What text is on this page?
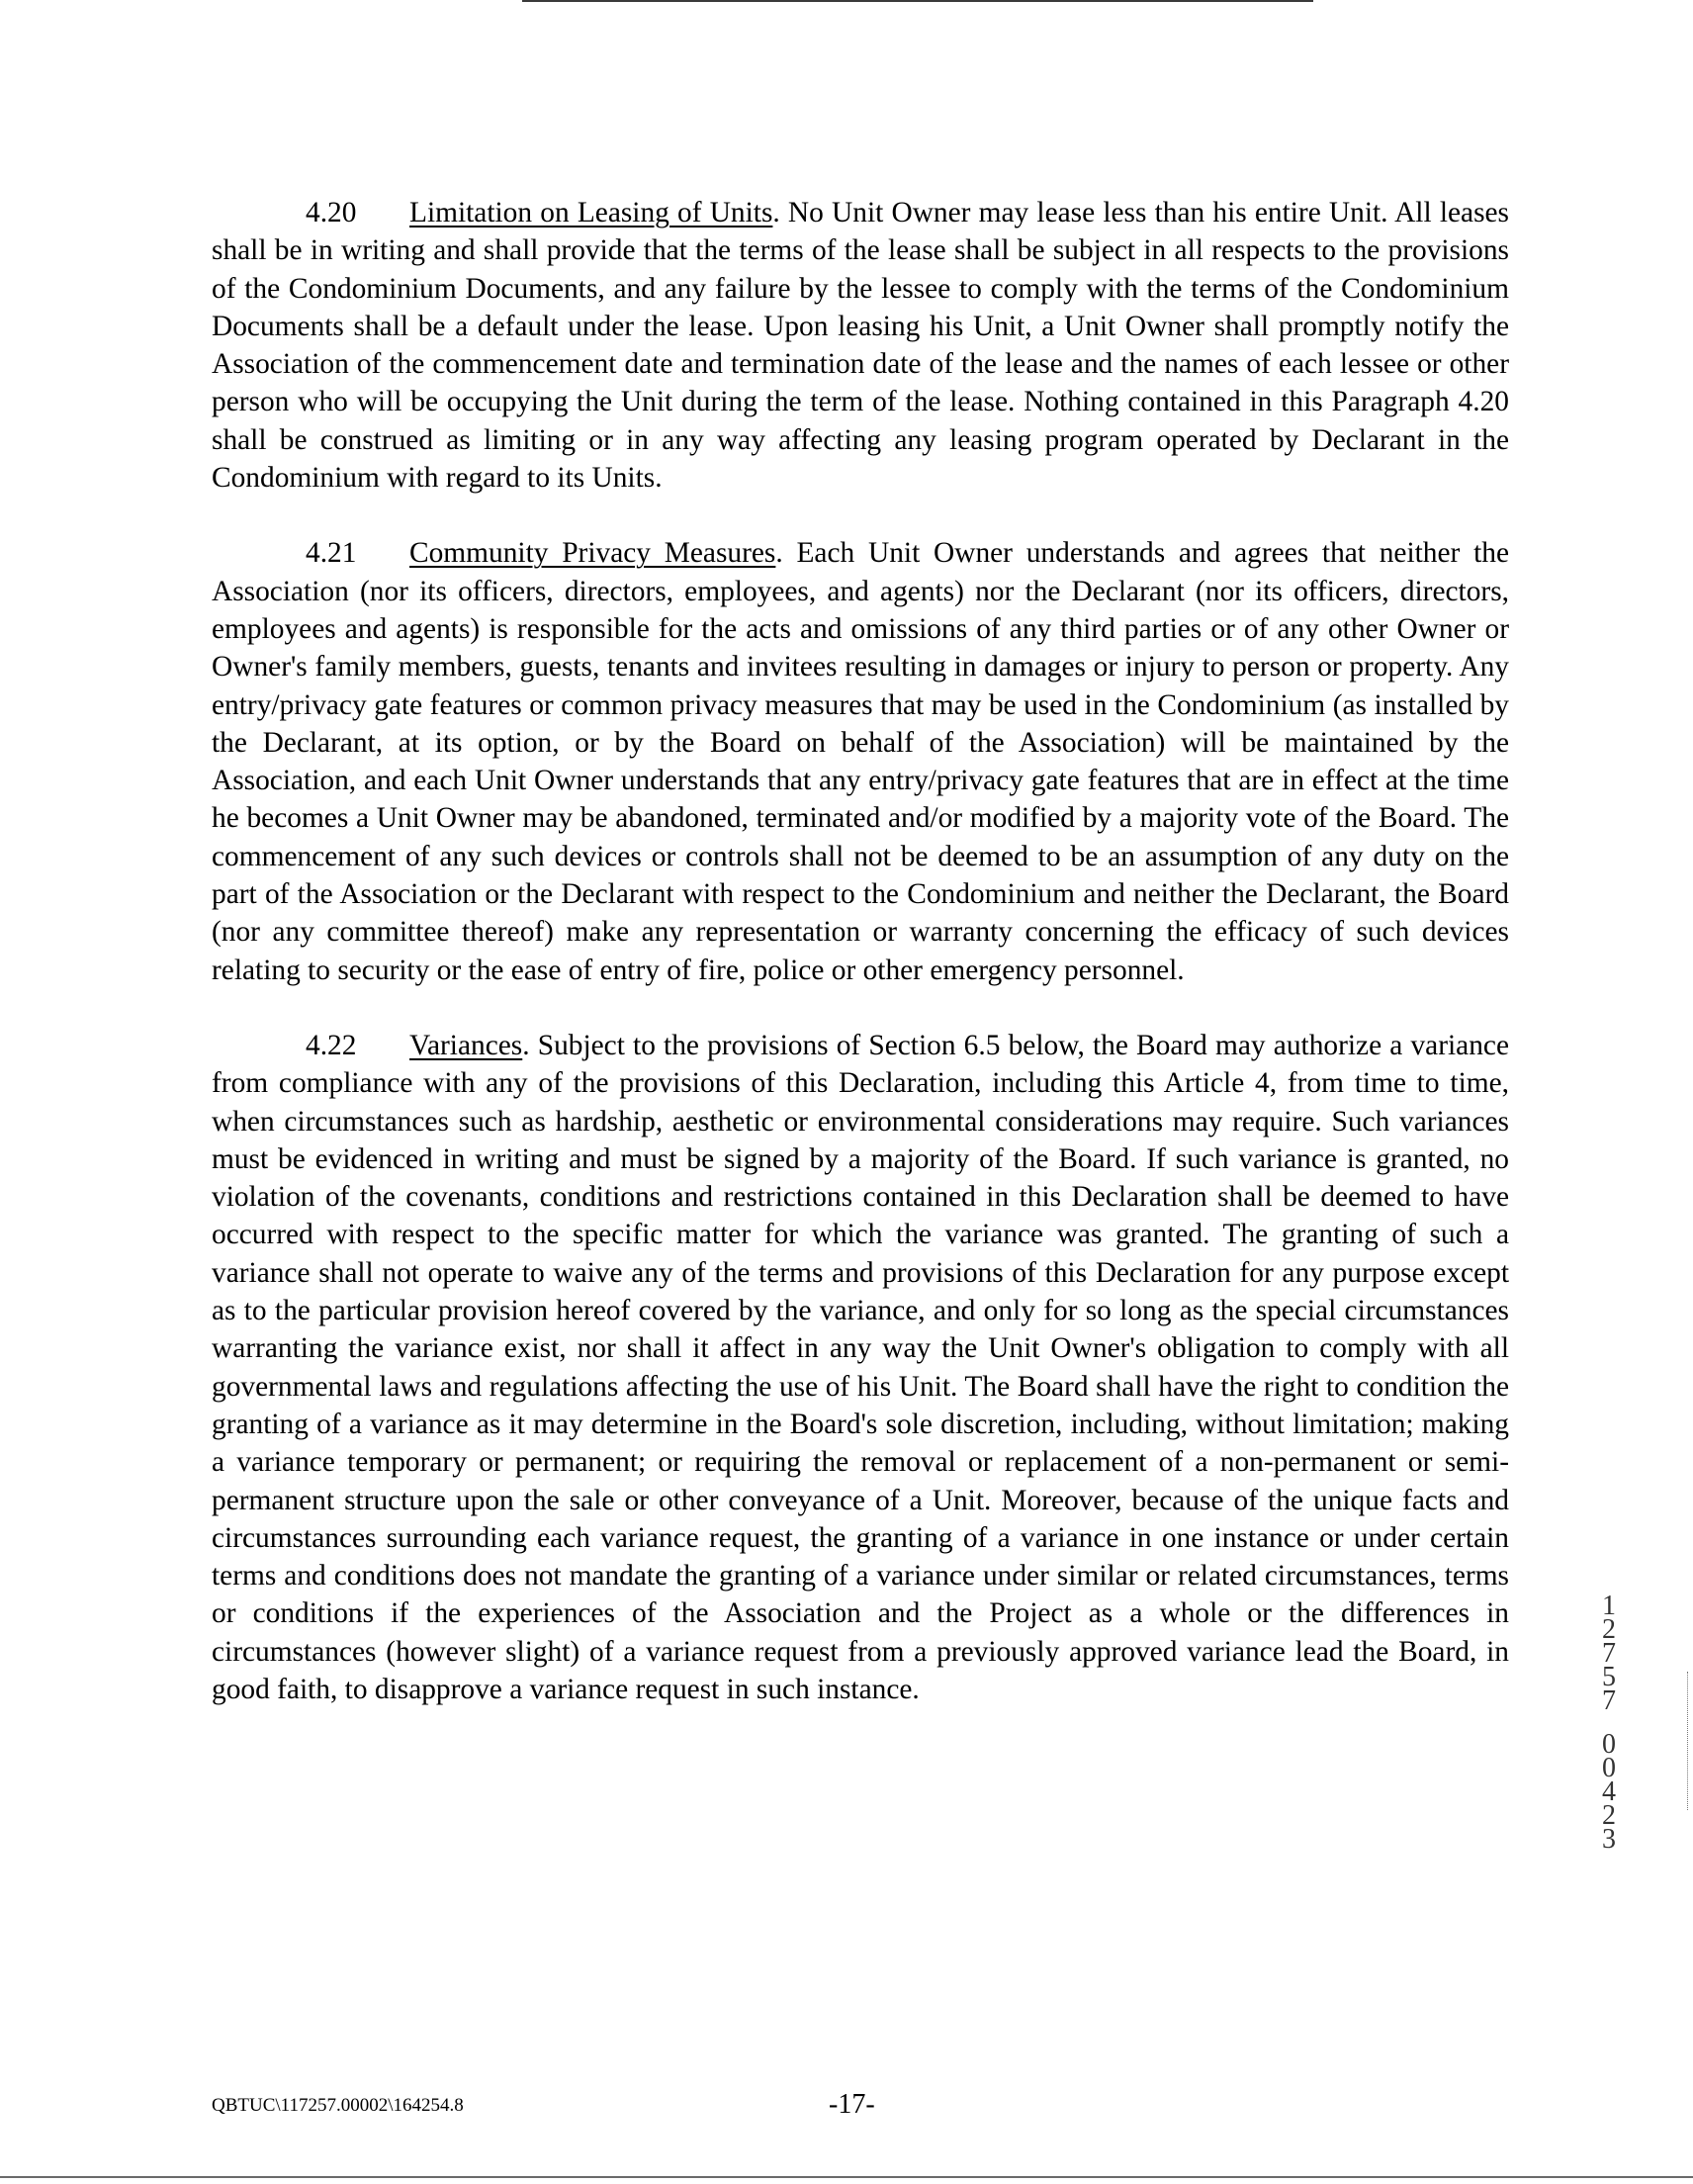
4.20 Limitation on Leasing of Units. No Unit Owner may lease less than his entire Unit. All leases shall be in writing and shall provide that the terms of the lease shall be subject in all respects to the provisions of the Condominium Documents, and any failure by the lessee to comply with the terms of the Condominium Documents shall be a default under the lease. Upon leasing his Unit, a Unit Owner shall promptly notify the Association of the commencement date and termination date of the lease and the names of each lessee or other person who will be occupying the Unit during the term of the lease. Nothing contained in this Paragraph 4.20 shall be construed as limiting or in any way affecting any leasing program operated by Declarant in the Condominium with regard to its Units.

4.21 Community Privacy Measures. Each Unit Owner understands and agrees that neither the Association (nor its officers, directors, employees, and agents) nor the Declarant (nor its officers, directors, employees and agents) is responsible for the acts and omissions of any third parties or of any other Owner or Owner's family members, guests, tenants and invitees resulting in damages or injury to person or property. Any entry/privacy gate features or common privacy measures that may be used in the Condominium (as installed by the Declarant, at its option, or by the Board on behalf of the Association) will be maintained by the Association, and each Unit Owner understands that any entry/privacy gate features that are in effect at the time he becomes a Unit Owner may be abandoned, terminated and/or modified by a majority vote of the Board. The commencement of any such devices or controls shall not be deemed to be an assumption of any duty on the part of the Association or the Declarant with respect to the Condominium and neither the Declarant, the Board (nor any committee thereof) make any representation or warranty concerning the efficacy of such devices relating to security or the ease of entry of fire, police or other emergency personnel.

4.22 Variances. Subject to the provisions of Section 6.5 below, the Board may authorize a variance from compliance with any of the provisions of this Declaration, including this Article 4, from time to time, when circumstances such as hardship, aesthetic or environmental considerations may require. Such variances must be evidenced in writing and must be signed by a majority of the Board. If such variance is granted, no violation of the covenants, conditions and restrictions contained in this Declaration shall be deemed to have occurred with respect to the specific matter for which the variance was granted. The granting of such a variance shall not operate to waive any of the terms and provisions of this Declaration for any purpose except as to the particular provision hereof covered by the variance, and only for so long as the special circumstances warranting the variance exist, nor shall it affect in any way the Unit Owner's obligation to comply with all governmental laws and regulations affecting the use of his Unit. The Board shall have the right to condition the granting of a variance as it may determine in the Board's sole discretion, including, without limitation; making a variance temporary or permanent; or requiring the removal or replacement of a non-permanent or semi-permanent structure upon the sale or other conveyance of a Unit. Moreover, because of the unique facts and circumstances surrounding each variance request, the granting of a variance in one instance or under certain terms and conditions does not mandate the granting of a variance under similar or related circumstances, terms or conditions if the experiences of the Association and the Project as a whole or the differences in circumstances (however slight) of a variance request from a previously approved variance lead the Board, in good faith, to disapprove a variance request in such instance.

1
2
7
5
7
0
0
4
2
3
QBTUC\117257.00002\164254.8	-17-
